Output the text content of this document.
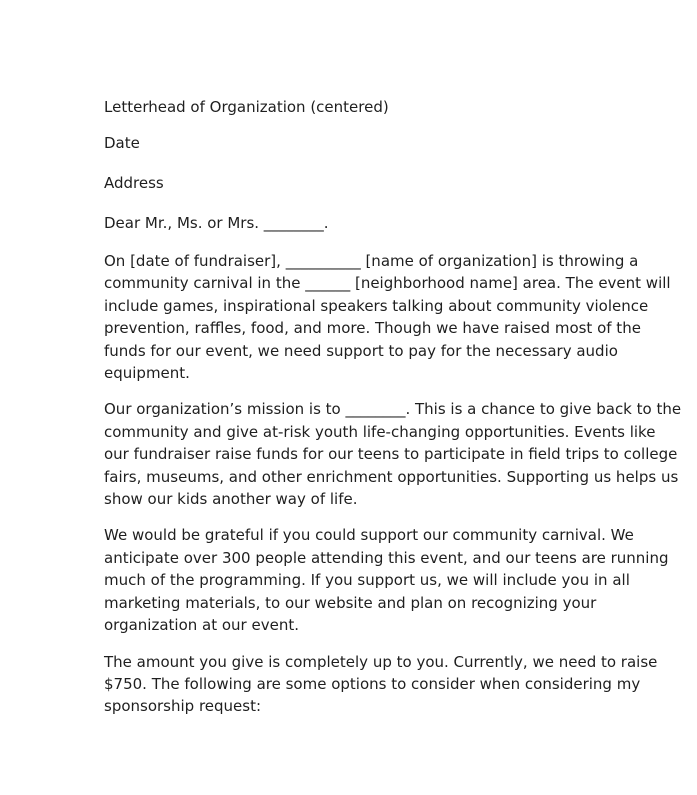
Letterhead of Organization (centered)

Date

Address

Dear Mr., Ms. or Mrs. ________.

On [date of fundraiser], __________ [name of organization] is throwing a
community carnival in the ______ [neighborhood name] area. The event will
include games, inspirational speakers talking about community violence
prevention, raffles, food, and more. Though we have raised most of the
funds for our event, we need support to pay for the necessary audio
equipment.

Our organization’s mission is to ________. This is a chance to give back to the
community and give at-risk youth life-changing opportunities. Events like
our fundraiser raise funds for our teens to participate in field trips to college
fairs, museums, and other enrichment opportunities. Supporting us helps us
show our kids another way of life.

We would be grateful if you could support our community carnival. We
anticipate over 300 people attending this event, and our teens are running
much of the programming. If you support us, we will include you in all
marketing materials, to our website and plan on recognizing your
organization at our event.

The amount you give is completely up to you. Currently, we need to raise
$750. The following are some options to consider when considering my
sponsorship request:
